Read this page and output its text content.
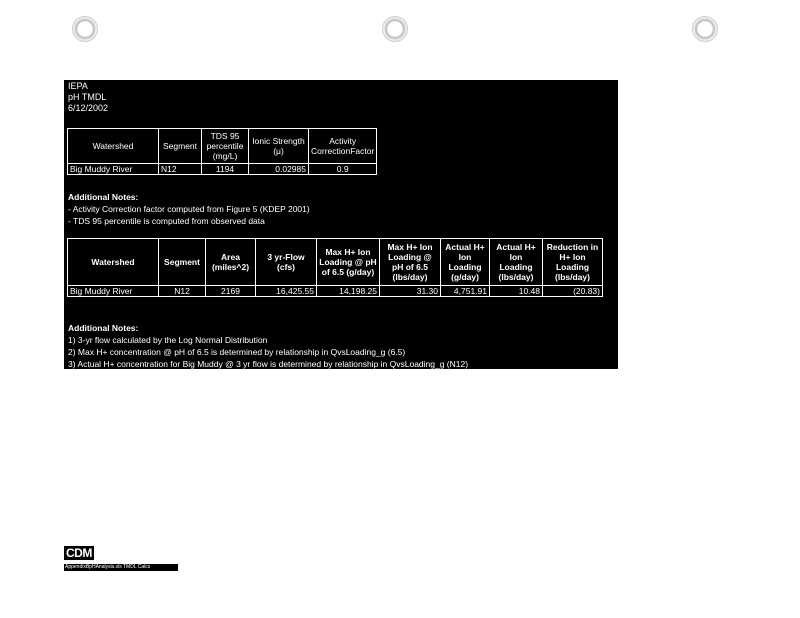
IEPA
pH TMDL
6/12/2002
Watershed	Segment	TDS 95 percentile (mg/L)	Ionic Strength (μ)	Activity CorrectionFactor
Big Muddy River	N12	1194	0.02985	0.9
Additional Notes:
- Activity Correction factor computed from Figure 5 (KDEP 2001)
- TDS 95 percentile is computed from observed data
Watershed	Segment	Area (miles^2)	3 yr-Flow (cfs)	Max H+ Ion Loading @ pH of 6.5 (g/day)	Max H+ Ion Loading @ pH of 6.5 (lbs/day)	Actual H+ Ion Loading (g/day)	Actual H+ Ion Loading (lbs/day)	Reduction in H+ Ion Loading (lbs/day)
Big Muddy River	N12	2169	16,425.55	14,198.25	31.30	4,751.91	10.48	(20.83)
Additional Notes:
1) 3-yr flow calculated by the Log Normal Distribution
2) Max H+ concentration @ pH of 6.5 is determined by relationship in QvsLoading_g (6.5)
3) Actual H+ concentration for Big Muddy @ 3 yr flow is determined by relationship in QvsLoading_g (N12)
CDM
AppendixBpHAnalysis.xls TMDL Calcs
